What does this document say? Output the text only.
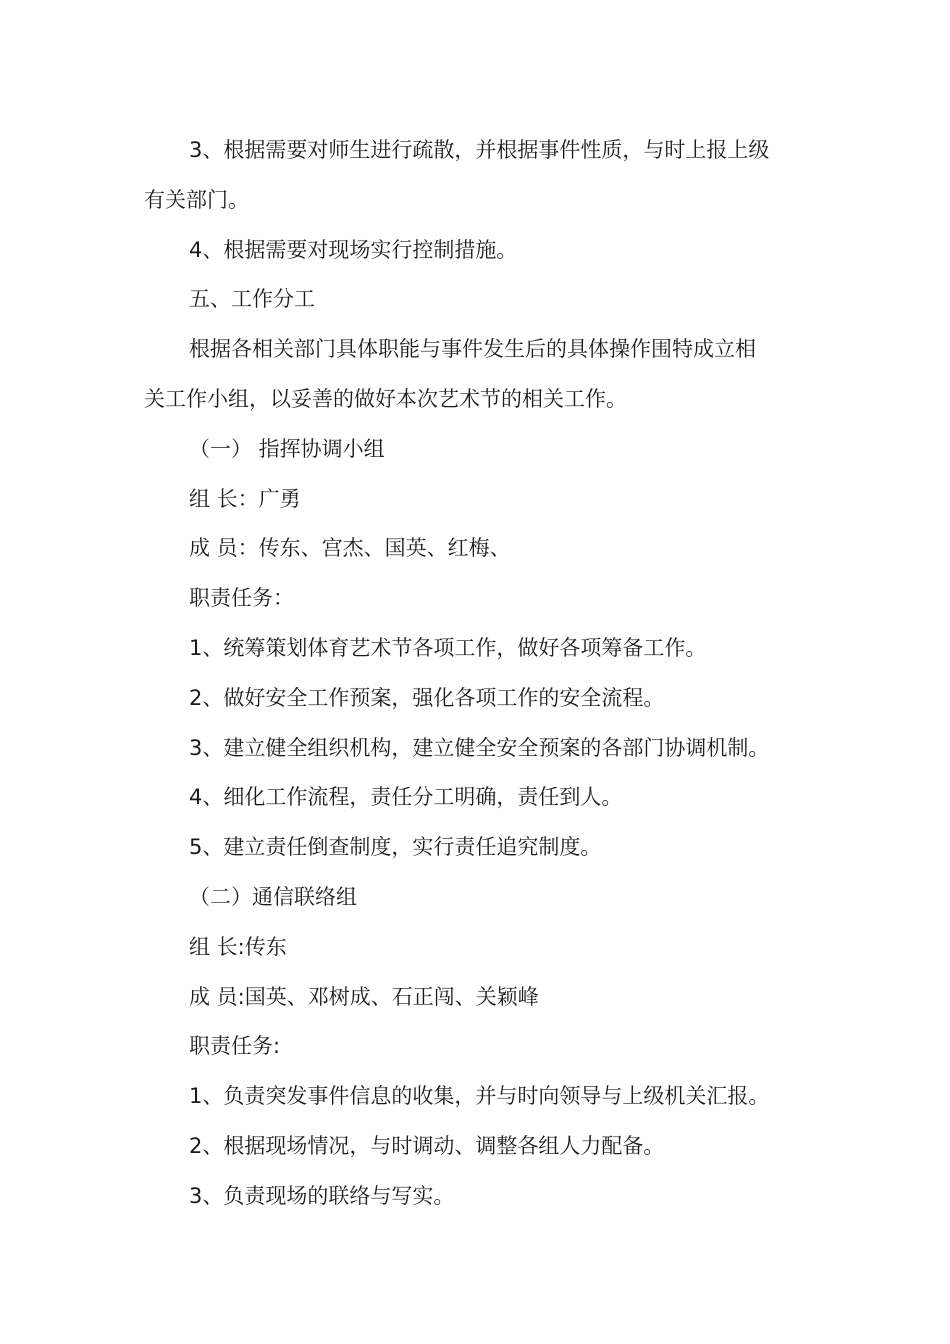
3、根据需要对师生进行疏散，并根据事件性质，与时上报上级

有关部门。

4、根据需要对现场实行控制措施。

五、工作分工

根据各相关部门具体职能与事件发生后的具体操作围特成立相

关工作小组，以妥善的做好本次艺术节的相关工作。

（一） 指挥协调小组

组 长：广勇

成 员：传东、宫杰、国英、红梅、

职责任务：

1、统筹策划体育艺术节各项工作，做好各项筹备工作。

2、做好安全工作预案，强化各项工作的安全流程。

3、建立健全组织机构，建立健全安全预案的各部门协调机制。

4、细化工作流程，责任分工明确，责任到人。

5、建立责任倒查制度，实行责任追究制度。

（二）通信联络组

组 长:传东

成 员:国英、邓树成、石正闯、关颖峰

职责任务:

1、负责突发事件信息的收集，并与时向领导与上级机关汇报。

2、根据现场情况，与时调动、调整各组人力配备。

3、负责现场的联络与写实。
